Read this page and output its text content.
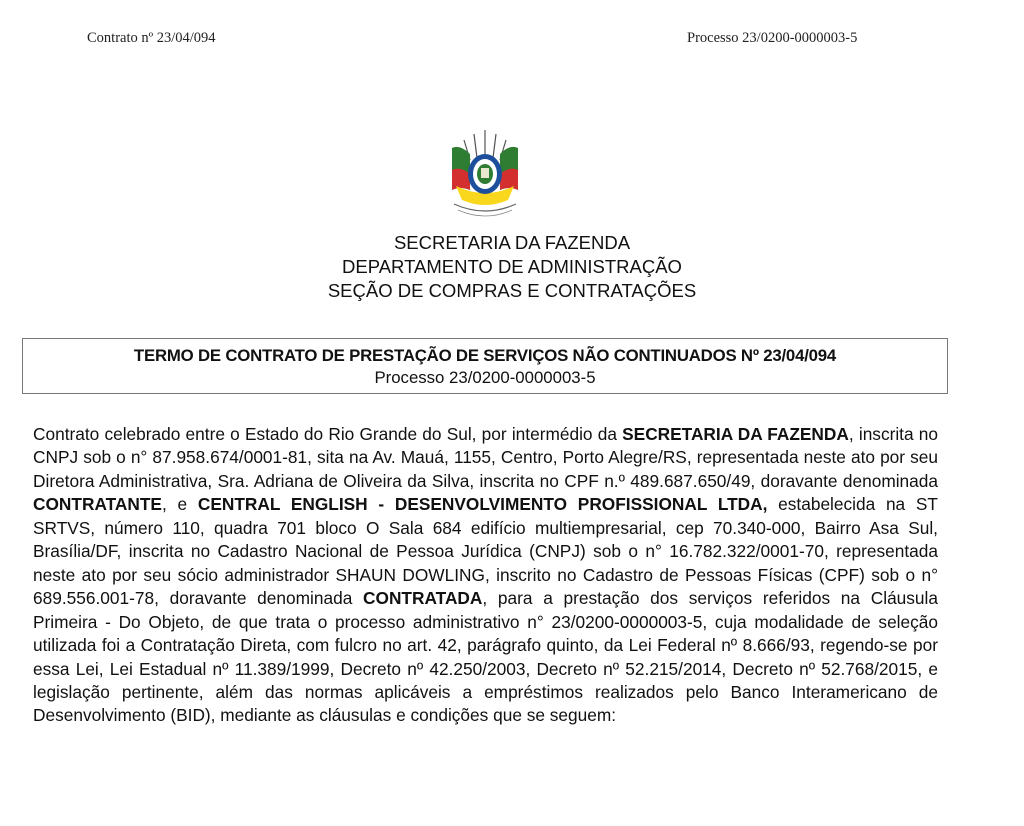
Contrato nº 23/04/094	Processo 23/0200-0000003-5
SECRETARIA DA FAZENDA
DEPARTAMENTO DE ADMINISTRAÇÃO
SEÇÃO DE COMPRAS E CONTRATAÇÕES
TERMO DE CONTRATO DE PRESTAÇÃO DE SERVIÇOS NÃO CONTINUADOS Nº 23/04/094
Processo 23/0200-0000003-5
Contrato celebrado entre o Estado do Rio Grande do Sul, por intermédio da SECRETARIA DA FAZENDA, inscrita no CNPJ sob o n° 87.958.674/0001-81, sita na Av. Mauá, 1155, Centro, Porto Alegre/RS, representada neste ato por seu Diretora Administrativa, Sra. Adriana de Oliveira da Silva, inscrita no CPF n.º 489.687.650/49, doravante denominada CONTRATANTE, e CENTRAL ENGLISH - DESENVOLVIMENTO PROFISSIONAL LTDA, estabelecida na ST SRTVS, número 110, quadra 701 bloco O Sala 684 edifício multiempresarial, cep 70.340-000, Bairro Asa Sul, Brasília/DF, inscrita no Cadastro Nacional de Pessoa Jurídica (CNPJ) sob o n° 16.782.322/0001-70, representada neste ato por seu sócio administrador SHAUN DOWLING, inscrito no Cadastro de Pessoas Físicas (CPF) sob o n° 689.556.001-78, doravante denominada CONTRATADA, para a prestação dos serviços referidos na Cláusula Primeira - Do Objeto, de que trata o processo administrativo n° 23/0200-0000003-5, cuja modalidade de seleção utilizada foi a Contratação Direta, com fulcro no art. 42, parágrafo quinto, da Lei Federal nº 8.666/93, regendo-se por essa Lei, Lei Estadual nº 11.389/1999, Decreto nº 42.250/2003, Decreto nº 52.215/2014, Decreto nº 52.768/2015, e legislação pertinente, além das normas aplicáveis a empréstimos realizados pelo Banco Interamericano de Desenvolvimento (BID), mediante as cláusulas e condições que se seguem:
